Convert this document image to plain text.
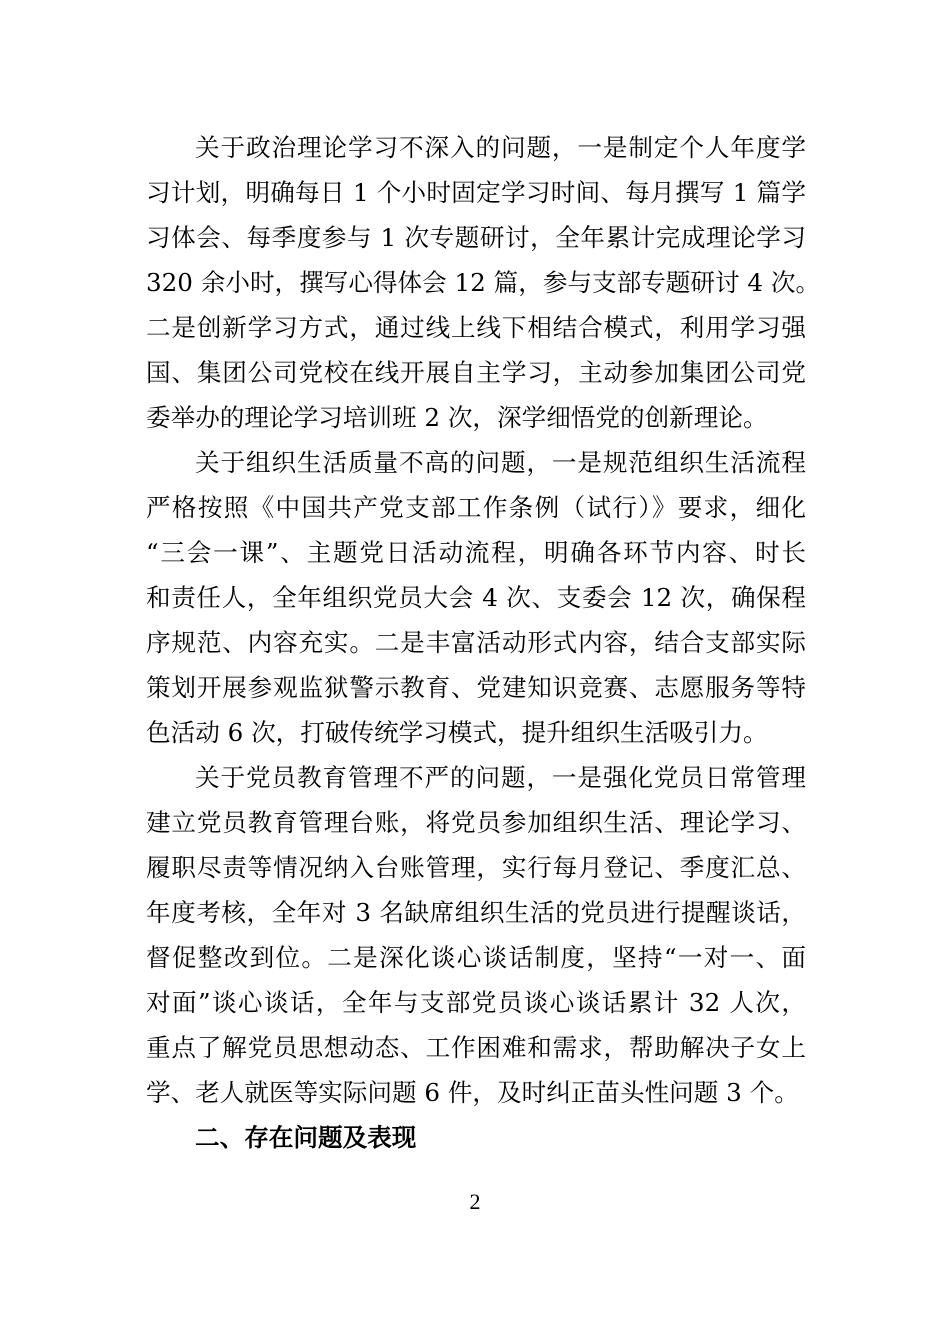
关于政治理论学习不深入的问题，一是制定个人年度学
习计划，明确每日 1 个小时固定学习时间、每月撰写 1 篇学
习体会、每季度参与 1 次专题研讨，全年累计完成理论学习
320 余小时，撰写心得体会 12 篇，参与支部专题研讨 4 次。
二是创新学习方式，通过线上线下相结合模式，利用学习强
国、集团公司党校在线开展自主学习，主动参加集团公司党
委举办的理论学习培训班 2 次，深学细悟党的创新理论。
关于组织生活质量不高的问题，一是规范组织生活流程
严格按照《中国共产党支部工作条例（试行）》要求，细化
“三会一课”、主题党日活动流程，明确各环节内容、时长
和责任人，全年组织党员大会 4 次、支委会 12 次，确保程
序规范、内容充实。二是丰富活动形式内容，结合支部实际
策划开展参观监狱警示教育、党建知识竞赛、志愿服务等特
色活动 6 次，打破传统学习模式，提升组织生活吸引力。
关于党员教育管理不严的问题，一是强化党员日常管理
建立党员教育管理台账，将党员参加组织生活、理论学习、
履职尽责等情况纳入台账管理，实行每月登记、季度汇总、
年度考核，全年对 3 名缺席组织生活的党员进行提醒谈话，
督促整改到位。二是深化谈心谈话制度，坚持“一对一、面
对面”谈心谈话，全年与支部党员谈心谈话累计 32 人次，
重点了解党员思想动态、工作困难和需求，帮助解决子女上
学、老人就医等实际问题 6 件，及时纠正苗头性问题 3 个。
二、存在问题及表现
2
